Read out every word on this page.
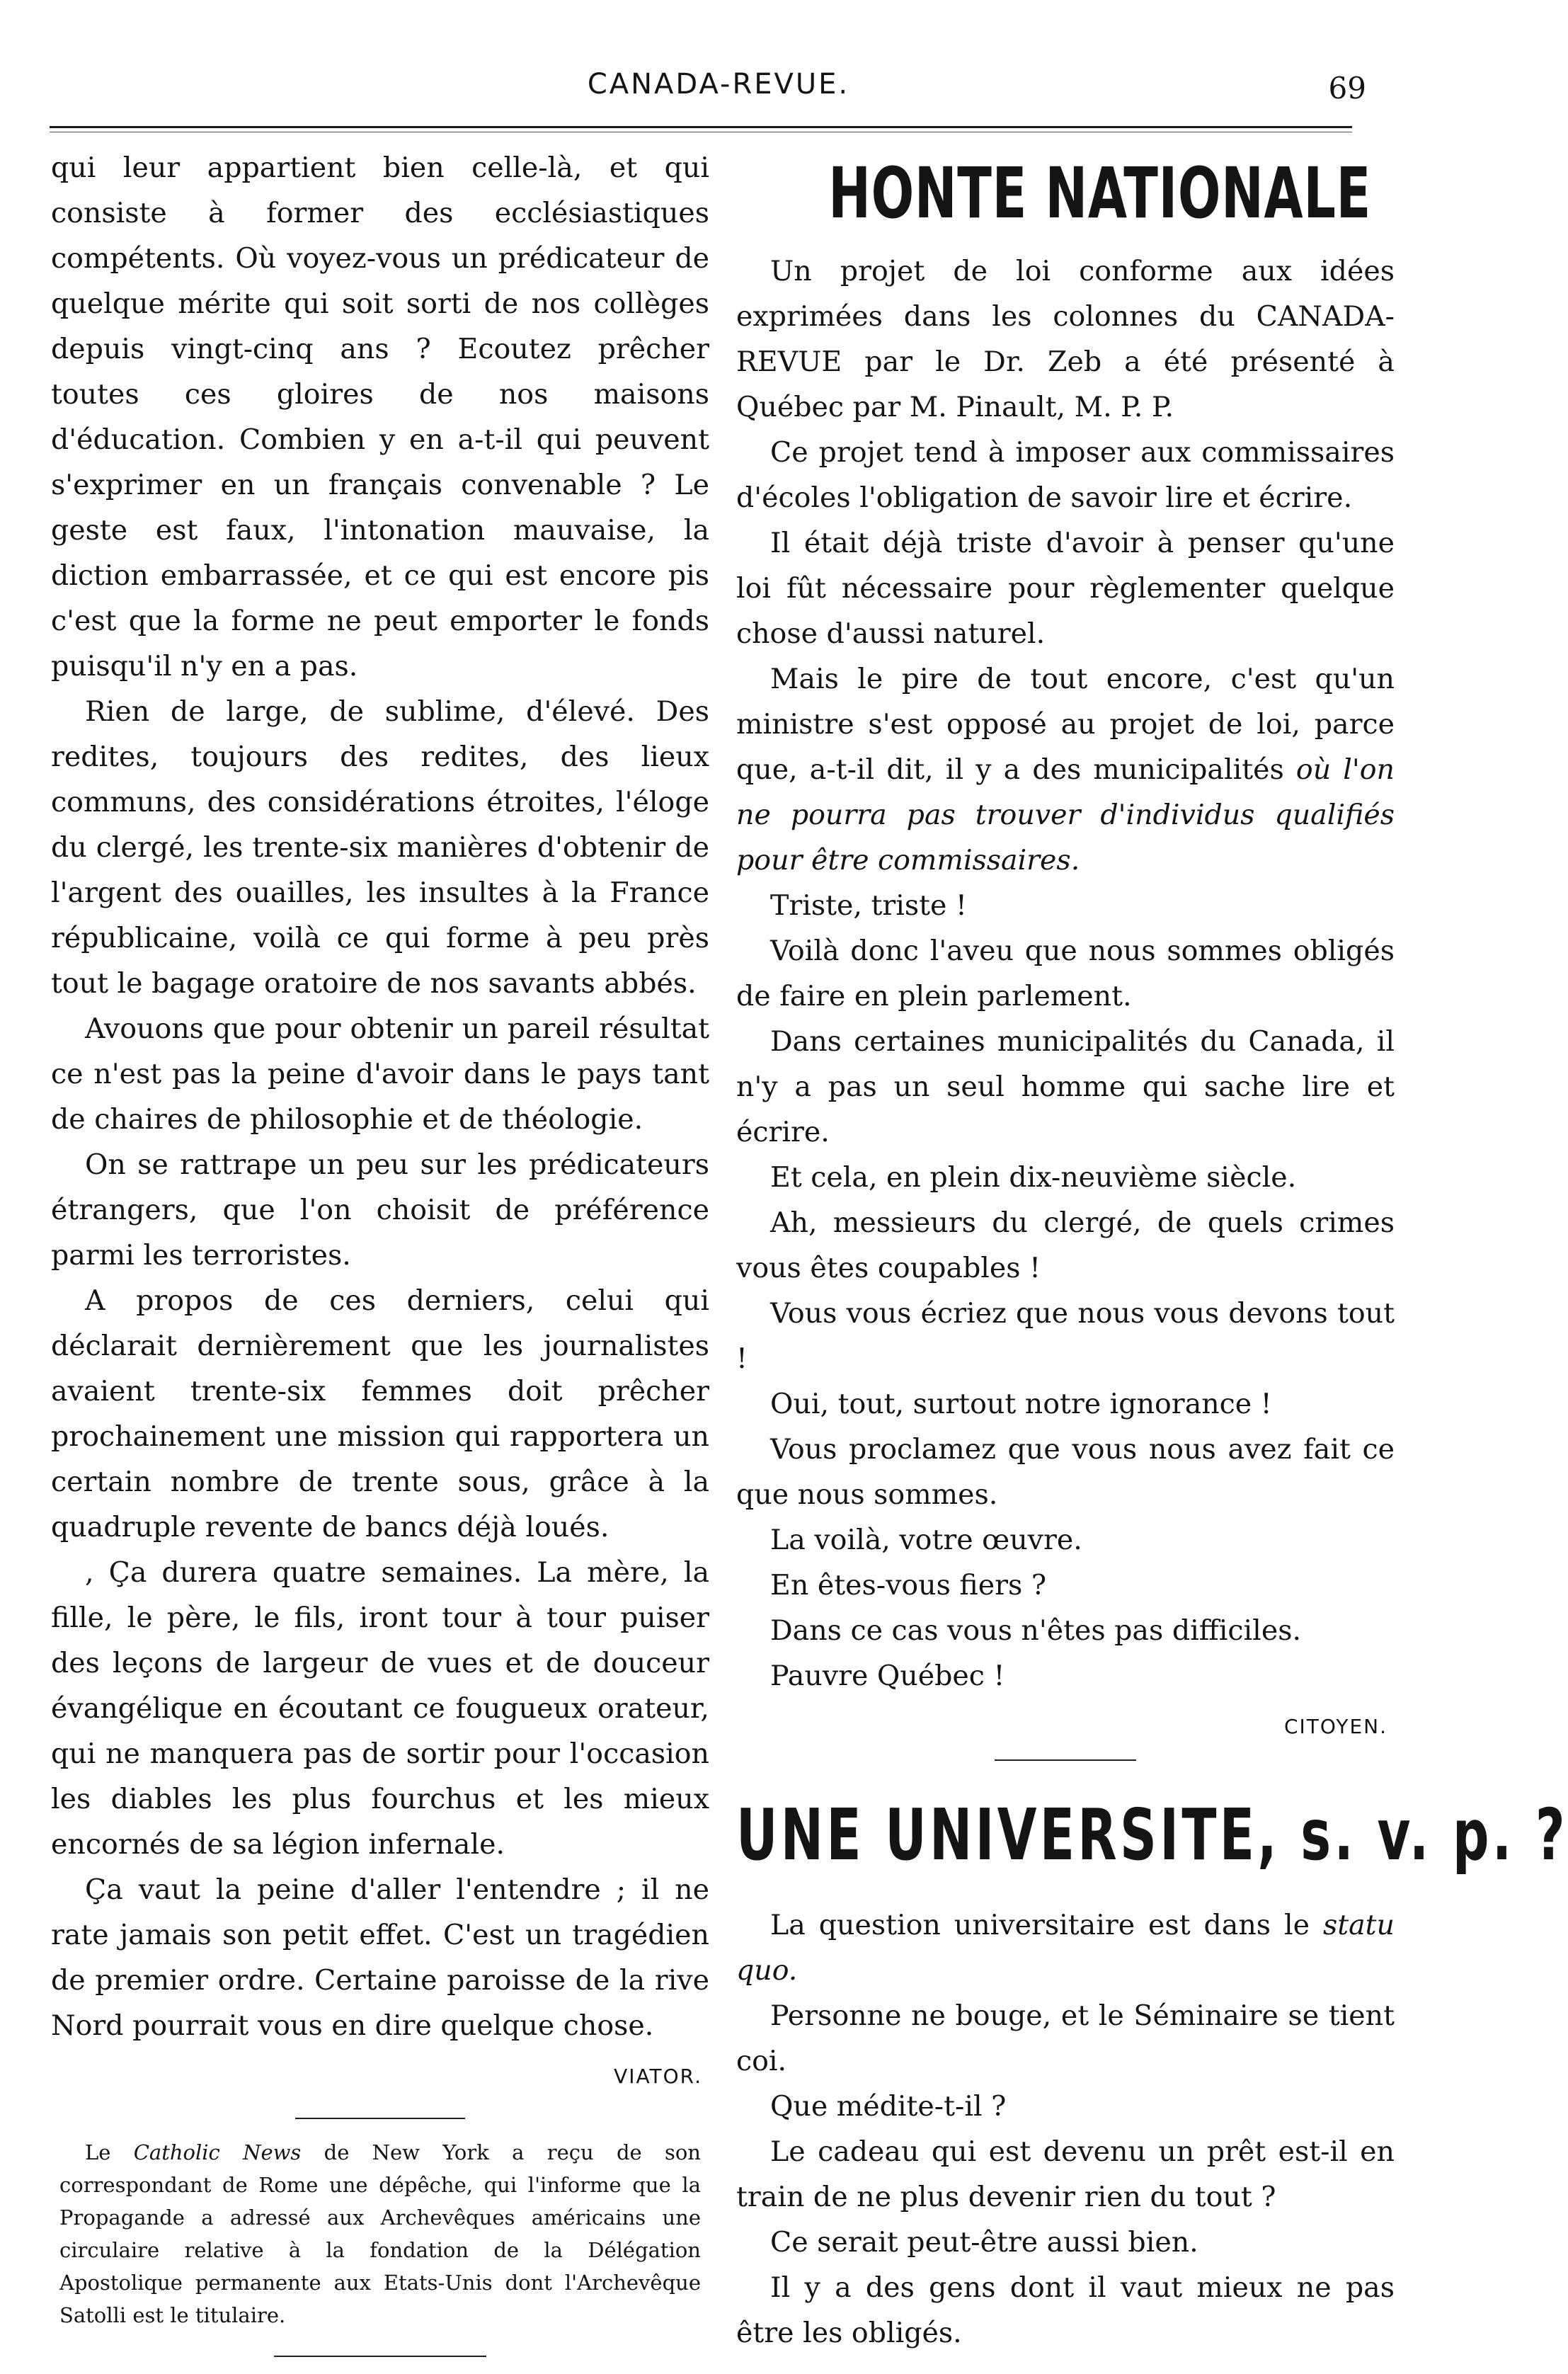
CANADA-REVUE.	69

qui leur appartient bien celle-là, et qui consiste à former des ecclésiastiques compétents. Où voyez-vous un prédicateur de quelque mérite qui soit sorti de nos collèges depuis vingt-cinq ans ? Ecoutez prêcher toutes ces gloires de nos maisons d'éducation. Combien y en a-t-il qui peuvent s'exprimer en un français convenable ? Le geste est faux, l'intonation mauvaise, la diction embarrassée, et ce qui est encore pis c'est que la forme ne peut emporter le fonds puisqu'il n'y en a pas.

Rien de large, de sublime, d'élevé. Des redites, toujours des redites, des lieux communs, des considérations étroites, l'éloge du clergé, les trente-six manières d'obtenir de l'argent des ouailles, les insultes à la France républicaine, voilà ce qui forme à peu près tout le bagage oratoire de nos savants abbés.

Avouons que pour obtenir un pareil résultat ce n'est pas la peine d'avoir dans le pays tant de chaires de philosophie et de théologie.

On se rattrape un peu sur les prédicateurs étrangers, que l'on choisit de préférence parmi les terroristes.

A propos de ces derniers, celui qui déclarait dernièrement que les journalistes avaient trente-six femmes doit prêcher prochainement une mission qui rapportera un certain nombre de trente sous, grâce à la quadruple revente de bancs déjà loués.

, Ça durera quatre semaines. La mère, la fille, le père, le fils, iront tour à tour puiser des leçons de largeur de vues et de douceur évangélique en écoutant ce fougueux orateur, qui ne manquera pas de sortir pour l'occasion les diables les plus fourchus et les mieux encornés de sa légion infernale.

Ça vaut la peine d'aller l'entendre ; il ne rate jamais son petit effet. C'est un tragédien de premier ordre. Certaine paroisse de la rive Nord pourrait vous en dire quelque chose.

VIATOR.

Le Catholic News de New York a reçu de son correspondant de Rome une dépêche, qui l'informe que la Propagande a adressé aux Archevêques américains une circulaire relative à la fondation de la Délégation Apostolique permanente aux Etats-Unis dont l'Archevêque Satolli est le titulaire.

HONTE NATIONALE

Un projet de loi conforme aux idées exprimées dans les colonnes du CANADA-REVUE par le Dr. Zeb a été présenté à Québec par M. Pinault, M. P. P.

Ce projet tend à imposer aux commissaires d'écoles l'obligation de savoir lire et écrire.

Il était déjà triste d'avoir à penser qu'une loi fût nécessaire pour règlementer quelque chose d'aussi naturel.

Mais le pire de tout encore, c'est qu'un ministre s'est opposé au projet de loi, parce que, a-t-il dit, il y a des municipalités où l'on ne pourra pas trouver d'individus qualifiés pour être commissaires.

Triste, triste !

Voilà donc l'aveu que nous sommes obligés de faire en plein parlement.

Dans certaines municipalités du Canada, il n'y a pas un seul homme qui sache lire et écrire.

Et cela, en plein dix-neuvième siècle.

Ah, messieurs du clergé, de quels crimes vous êtes coupables !

Vous vous écriez que nous vous devons tout !

Oui, tout, surtout notre ignorance !

Vous proclamez que vous nous avez fait ce que nous sommes.

La voilà, votre œuvre.

En êtes-vous fiers ?

Dans ce cas vous n'êtes pas difficiles.

Pauvre Québec !

CITOYEN.
UNE UNIVERSITE, s. v. p. ?

La question universitaire est dans le statu quo.

Personne ne bouge, et le Séminaire se tient coi.

Que médite-t-il ?

Le cadeau qui est devenu un prêt est-il en train de ne plus devenir rien du tout ?

Ce serait peut-être aussi bien.

Il y a des gens dont il vaut mieux ne pas être les obligés.
